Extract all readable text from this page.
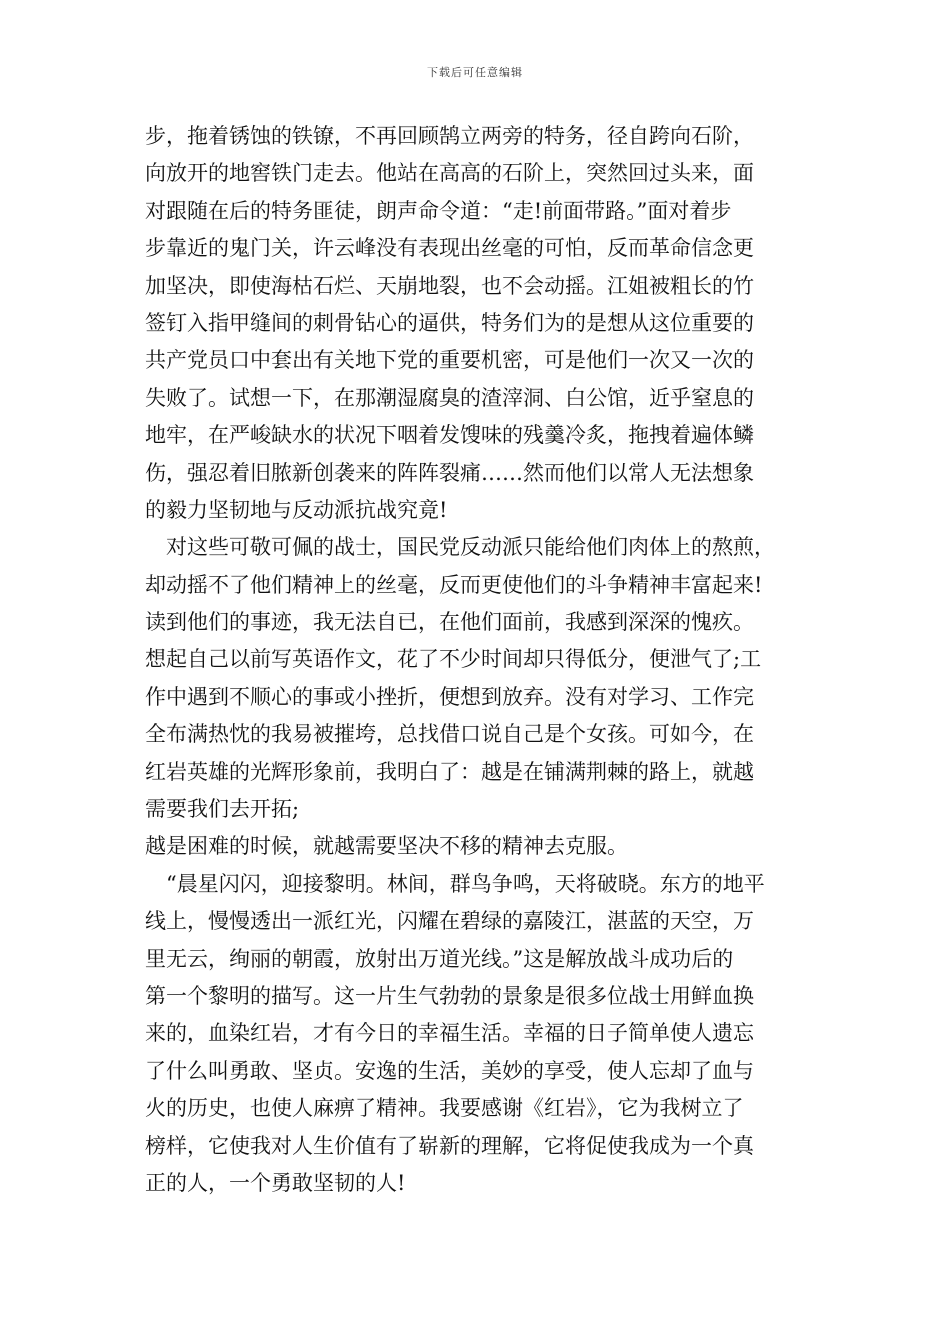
下载后可任意编辑
步，拖着锈蚀的铁镣，不再回顾鹄立两旁的特务，径自跨向石阶，
向放开的地窖铁门走去。他站在高高的石阶上，突然回过头来，面
对跟随在后的特务匪徒，朗声命令道：“走!前面带路。”面对着步
步靠近的鬼门关，许云峰没有表现出丝毫的可怕，反而革命信念更
加坚决，即使海枯石烂、天崩地裂，也不会动摇。江姐被粗长的竹
签钉入指甲缝间的刺骨钻心的逼供，特务们为的是想从这位重要的
共产党员口中套出有关地下党的重要机密，可是他们一次又一次的
失败了。试想一下，在那潮湿腐臭的渣滓洞、白公馆，近乎窒息的
地牢，在严峻缺水的状况下咽着发馊味的残羹冷炙，拖拽着遍体鳞
伤，强忍着旧脓新创袭来的阵阵裂痛……然而他们以常人无法想象
的毅力坚韧地与反动派抗战究竟!
　对这些可敬可佩的战士，国民党反动派只能给他们肉体上的熬煎，
却动摇不了他们精神上的丝毫，反而更使他们的斗争精神丰富起来!
读到他们的事迹，我无法自已，在他们面前，我感到深深的愧疚。
想起自己以前写英语作文，花了不少时间却只得低分，便泄气了;工
作中遇到不顺心的事或小挫折，便想到放弃。没有对学习、工作完
全布满热忱的我易被摧垮，总找借口说自己是个女孩。可如今，在
红岩英雄的光辉形象前，我明白了：越是在铺满荆棘的路上，就越
需要我们去开拓;
越是困难的时候，就越需要坚决不移的精神去克服。
　“晨星闪闪，迎接黎明。林间，群鸟争鸣，天将破晓。东方的地平
线上，慢慢透出一派红光，闪耀在碧绿的嘉陵江，湛蓝的天空，万
里无云，绚丽的朝霞，放射出万道光线。”这是解放战斗成功后的
第一个黎明的描写。这一片生气勃勃的景象是很多位战士用鲜血换
来的，血染红岩，才有今日的幸福生活。幸福的日子简单使人遗忘
了什么叫勇敢、坚贞。安逸的生活，美妙的享受，使人忘却了血与
火的历史，也使人麻痹了精神。我要感谢《红岩》，它为我树立了
榜样，它使我对人生价值有了崭新的理解，它将促使我成为一个真
正的人，一个勇敢坚韧的人!
